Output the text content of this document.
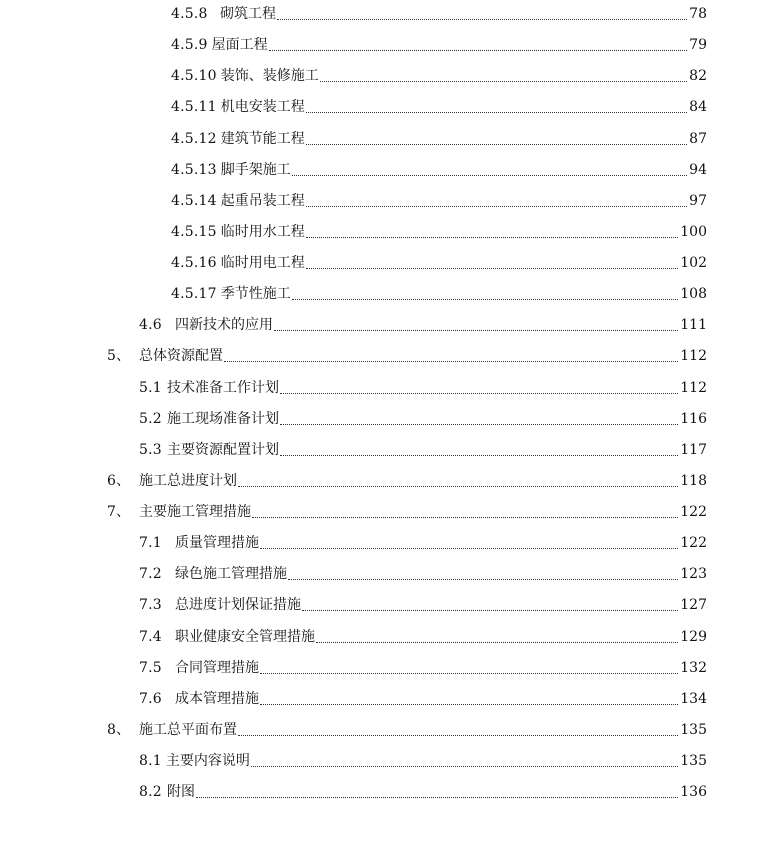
4.5.8 砌筑工程	78
4.5.9 屋面工程	79
4.5.10 装饰、装修施工	82
4.5.11 机电安装工程	84
4.5.12 建筑节能工程	87
4.5.13 脚手架施工	94
4.5.14 起重吊装工程	97
4.5.15 临时用水工程	100
4.5.16 临时用电工程	102
4.5.17 季节性施工	108
4.6 四新技术的应用	111
5、 总体资源配置	112
5.1 技术准备工作计划	112
5.2 施工现场准备计划	116
5.3 主要资源配置计划	117
6、 施工总进度计划	118
7、 主要施工管理措施	122
7.1 质量管理措施	122
7.2 绿色施工管理措施	123
7.3 总进度计划保证措施	127
7.4 职业健康安全管理措施	129
7.5 合同管理措施	132
7.6 成本管理措施	134
8、 施工总平面布置	135
8.1 主要内容说明	135
8.2 附图	136
